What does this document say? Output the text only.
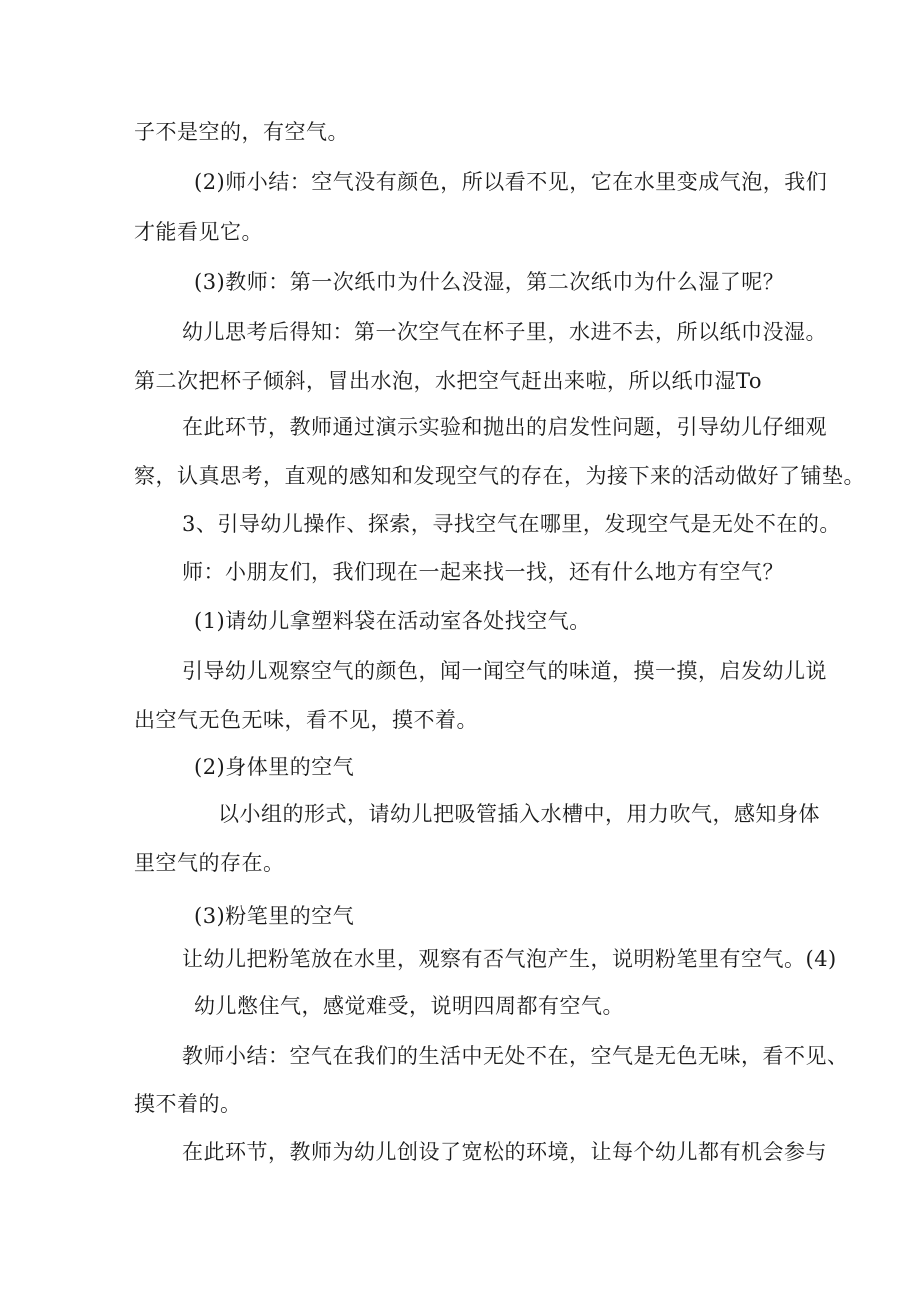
子不是空的，有空气。
(2)师小结：空气没有颜色，所以看不见，它在水里变成气泡，我们
才能看见它。
(3)教师：第一次纸巾为什么没湿，第二次纸巾为什么湿了呢？
幼儿思考后得知：第一次空气在杯子里，水进不去，所以纸巾没湿。
第二次把杯子倾斜，冒出水泡，水把空气赶出来啦，所以纸巾湿To
在此环节，教师通过演示实验和抛出的启发性问题，引导幼儿仔细观
察，认真思考，直观的感知和发现空气的存在，为接下来的活动做好了铺垫。
3、引导幼儿操作、探索，寻找空气在哪里，发现空气是无处不在的。
师：小朋友们，我们现在一起来找一找，还有什么地方有空气？
(1)请幼儿拿塑料袋在活动室各处找空气。
引导幼儿观察空气的颜色，闻一闻空气的味道，摸一摸，启发幼儿说
出空气无色无味，看不见，摸不着。
(2)身体里的空气
以小组的形式，请幼儿把吸管插入水槽中，用力吹气，感知身体
里空气的存在。
(3)粉笔里的空气
让幼儿把粉笔放在水里，观察有否气泡产生，说明粉笔里有空气。(4)
幼儿憋住气，感觉难受，说明四周都有空气。
教师小结：空气在我们的生活中无处不在，空气是无色无味，看不见、
摸不着的。
在此环节，教师为幼儿创设了宽松的环境，让每个幼儿都有机会参与
